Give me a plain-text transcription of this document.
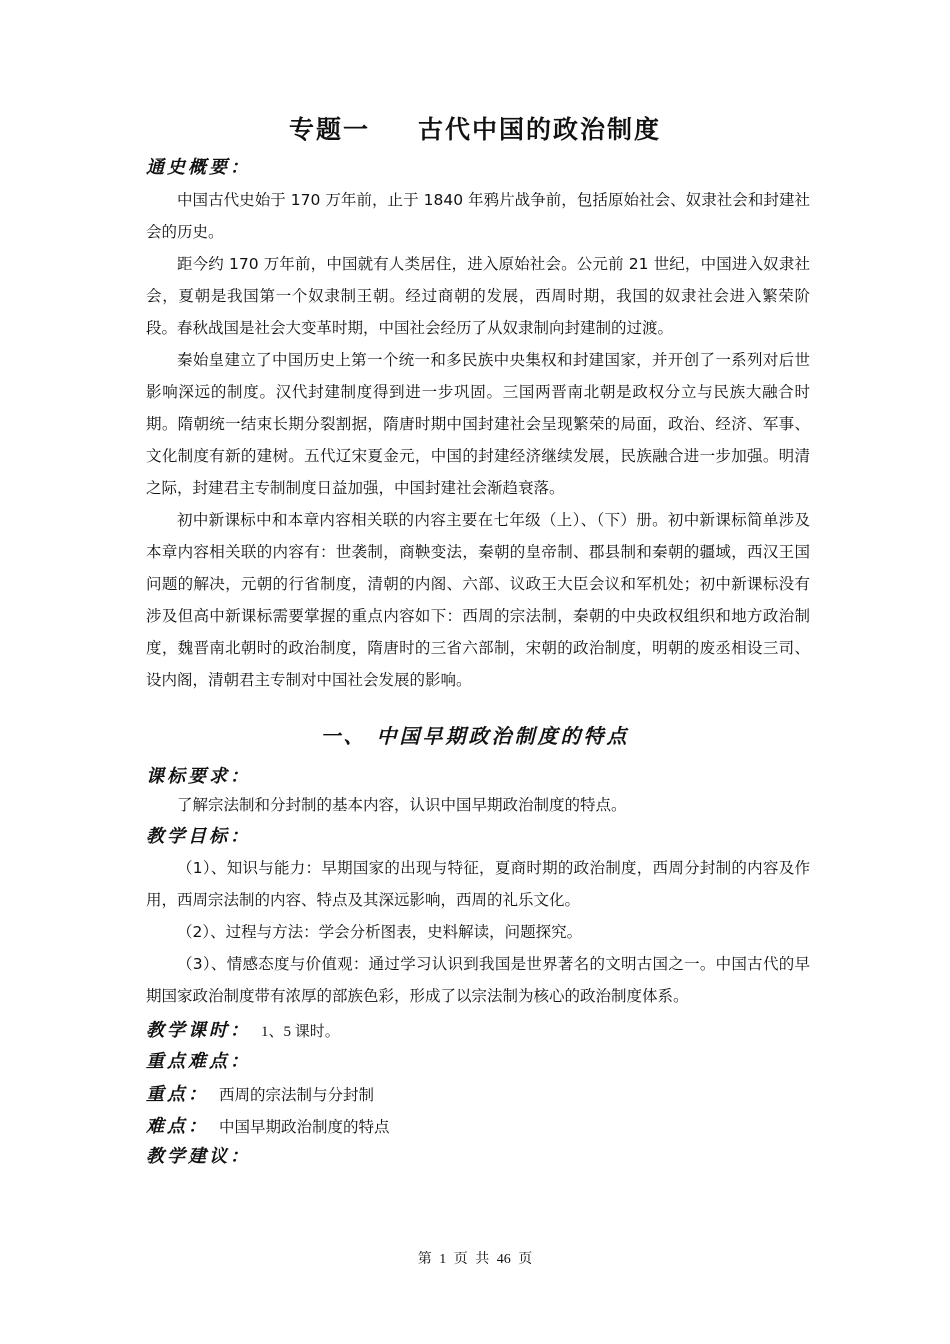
专题一 古代中国的政治制度
通史概要：

中国古代史始于 170 万年前，止于 1840 年鸦片战争前，包括原始社会、奴隶社会和封建社会的历史。

距今约 170 万年前，中国就有人类居住，进入原始社会。公元前 21 世纪，中国进入奴隶社会，夏朝是我国第一个奴隶制王朝。经过商朝的发展，西周时期，我国的奴隶社会进入繁荣阶段。春秋战国是社会大变革时期，中国社会经历了从奴隶制向封建制的过渡。

秦始皇建立了中国历史上第一个统一和多民族中央集权和封建国家，并开创了一系列对后世影响深远的制度。汉代封建制度得到进一步巩固。三国两晋南北朝是政权分立与民族大融合时期。隋朝统一结束长期分裂割据，隋唐时期中国封建社会呈现繁荣的局面，政治、经济、军事、文化制度有新的建树。五代辽宋夏金元，中国的封建经济继续发展，民族融合进一步加强。明清之际，封建君主专制制度日益加强，中国封建社会渐趋衰落。

初中新课标中和本章内容相关联的内容主要在七年级（上）、（下）册。初中新课标简单涉及本章内容相关联的内容有：世袭制，商鞅变法，秦朝的皇帝制、郡县制和秦朝的疆域，西汉王国问题的解决，元朝的行省制度，清朝的内阁、六部、议政王大臣会议和军机处；初中新课标没有涉及但高中新课标需要掌握的重点内容如下：西周的宗法制，秦朝的中央政权组织和地方政治制度，魏晋南北朝时的政治制度，隋唐时的三省六部制，宋朝的政治制度，明朝的废丞相设三司、设内阁，清朝君主专制对中国社会发展的影响。

一、 中国早期政治制度的特点
课标要求：

了解宗法制和分封制的基本内容，认识中国早期政治制度的特点。

教学目标：

（1）、知识与能力：早期国家的出现与特征，夏商时期的政治制度，西周分封制的内容及作用，西周宗法制的内容、特点及其深远影响，西周的礼乐文化。

（2）、过程与方法：学会分析图表，史料解读，问题探究。

（3）、情感态度与价值观：通过学习认识到我国是世界著名的文明古国之一。中国古代的早期国家政治制度带有浓厚的部族色彩，形成了以宗法制为核心的政治制度体系。

教学课时： 1、5 课时。
重点难点：
重点： 西周的宗法制与分封制
难点： 中国早期政治制度的特点
教学建议：
第 1 页 共 46 页
